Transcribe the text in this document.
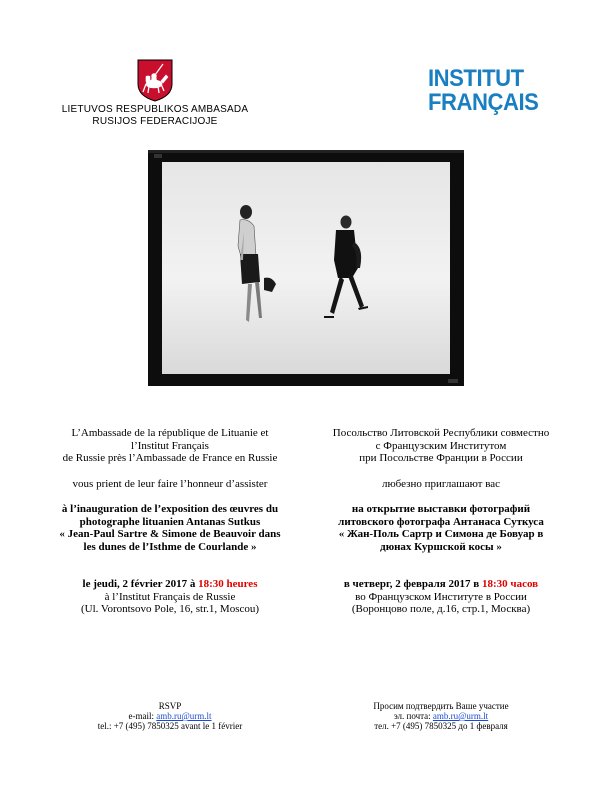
LIETUVOS RESPUBLIKOS AMBASADA
RUSIJOS FEDERACIJOJE
INSTITUT
FRANÇAIS

L’Ambassade de la république de Lituanie et

l’Institut Français

de Russie près l’Ambassade de France en Russie

vous prient de leur faire l’honneur d’assister

à l’inauguration de l’exposition des œuvres du

photographe lituanien Antanas Sutkus

« Jean-Paul Sartre & Simone de Beauvoir dans

les dunes de l’Isthme de Courlande »

le jeudi, 2 février 2017 à 18:30 heures

à l’Institut Français de Russie

(Ul. Vorontsovo Pole, 16, str.1, Moscou)

Посольство Литовской Республики совместно

с Французским Институтом

при Посольстве Франции в России

любезно приглашают вас

на открытие выставки фотографий

литовского фотографа Антанаса Суткуса

« Жан-Поль Сартр и Симона де Бовуар в

дюнах Куршской косы »

в четверг, 2 февраля 2017 в 18:30 часов

во Французском Институте в России

(Воронцово поле, д.16, стр.1, Москва)

RSVP

e-mail: amb.ru@urm.lt

tel.: +7 (495) 7850325 avant le 1 février

Просим подтвердить Ваше участие

эл. почта: amb.ru@urm.lt

тел. +7 (495) 7850325 до 1 февраля
